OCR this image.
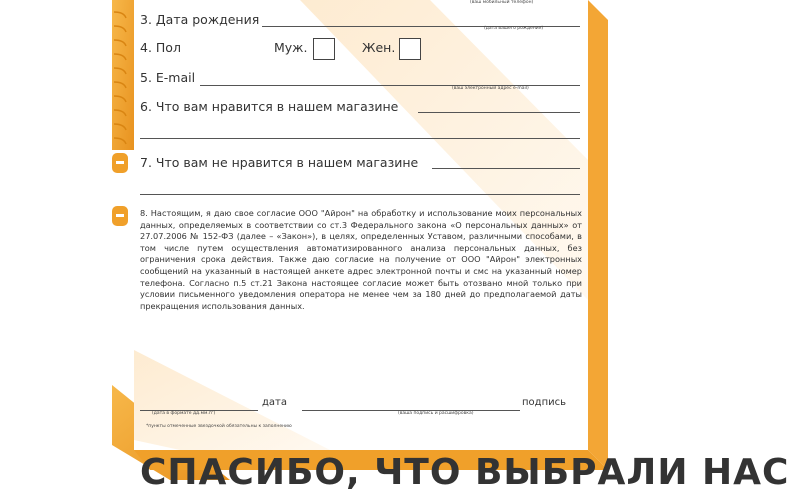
(ваш мобильный телефон)
3. Дата рождения
(дата вашего рождения)
4. Пол	Муж.	Жен.
5. E-mail
(ваш электронный адрес e-mail)
6. Что вам нравится в нашем магазине
7. Что вам не нравится в нашем магазине
8. Настоящим, я даю свое согласие ООО "Айрон" на обработку и использование моих персональных данных, определяемых в соответствии со ст.3 Федерального закона «О персональных данных» от 27.07.2006 № 152-ФЗ (далее – «Закон»), в целях, определенных Уставом, различными способами, в том числе путем осуществления автоматизированного анализа персональных данных, без ограничения срока действия. Также даю согласие на получение от ООО "Айрон" электронных сообщений на указанный в настоящей анкете адрес электронной почты и смс на указанный номер телефона. Согласно п.5 ст.21 Закона настоящее согласие может быть отозвано мной только при условии письменного уведомления оператора не менее чем за 180 дней до предполагаемой даты прекращения использования данных.
(дата в формате дд.мм.гг)
дата
(ваша подпись и расшифровка)
подпись
*пункты отмеченные звездочкой обязательны к заполнению
СПАСИБО, ЧТО ВЫБРАЛИ НАС
